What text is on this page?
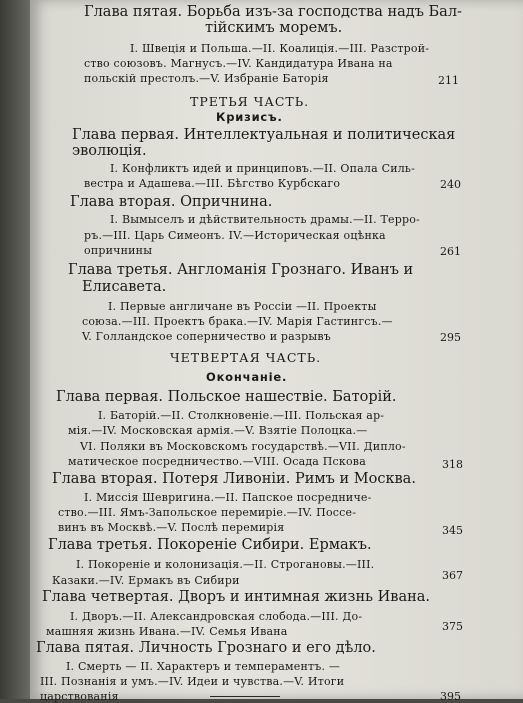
Глава пятая. Борьба изъ-за господства надъ Бал-
тійскимъ моремъ.
I. Швеція и Польша.—II. Коалиція.—III. Разстрой-
ство союзовъ. Магнусъ.—IV. Кандидатура Ивана на
польскій престолъ.—V. Избраніе Баторія	211
ТРЕТЬЯ ЧАСТЬ.
Кризисъ.
Глава первая. Интеллектуальная и политическая
эволюція.
I. Конфликтъ идей и принциповъ.—II. Опала Силь-
вестра и Адашева.—III. Бѣгство Курбскаго	240
Глава вторая. Опричнина.
I. Вымыселъ и дѣйствительность драмы.—II. Терро-
ръ.—III. Царь Симеонъ. IV.—Историческая оцѣнка
опричнины	261
Глава третья. Англоманія Грознаго. Иванъ и
Елисавета.
I. Первые англичане въ Россіи —II. Проекты
союза.—III. Проектъ брака.—IV. Марія Гастингсъ.—
V. Голландское соперничество и разрывъ	295
ЧЕТВЕРТАЯ ЧАСТЬ.
Окончаніе.
Глава первая. Польское нашествіе. Баторій.
I. Баторій.—II. Столкновеніе.—III. Польская ар-
мія.—IV. Московская армія.—V. Взятіе Полоцка.—
VI. Поляки въ Московскомъ государствѣ.—VII. Дипло-
матическое посредничество.—VIII. Осада Пскова	318
Глава вторая. Потеря Ливоніи. Римъ и Москва.
I. Миссія Шевригина.—II. Папское посредниче-
ство.—III. Ямъ-Запольское перемиріе.—IV. Поссе-
винъ въ Москвѣ.—V. Послѣ перемирія	345
Глава третья. Покореніе Сибири. Ермакъ.
I. Покореніе и колонизація.—II. Строгановы.—III.
Казаки.—IV. Ермакъ въ Сибири	367
Глава четвертая. Дворъ и интимная жизнь Ивана.
I. Дворъ.—II. Александровская слобода.—III. До-
машняя жизнь Ивана.—IV. Семья Ивана	375
Глава пятая. Личность Грознаго и его дѣло.
I. Смерть — II. Характеръ и темпераментъ. —
III. Познанія и умъ.—IV. Идеи и чувства.—V. Итоги
царствованія	395
